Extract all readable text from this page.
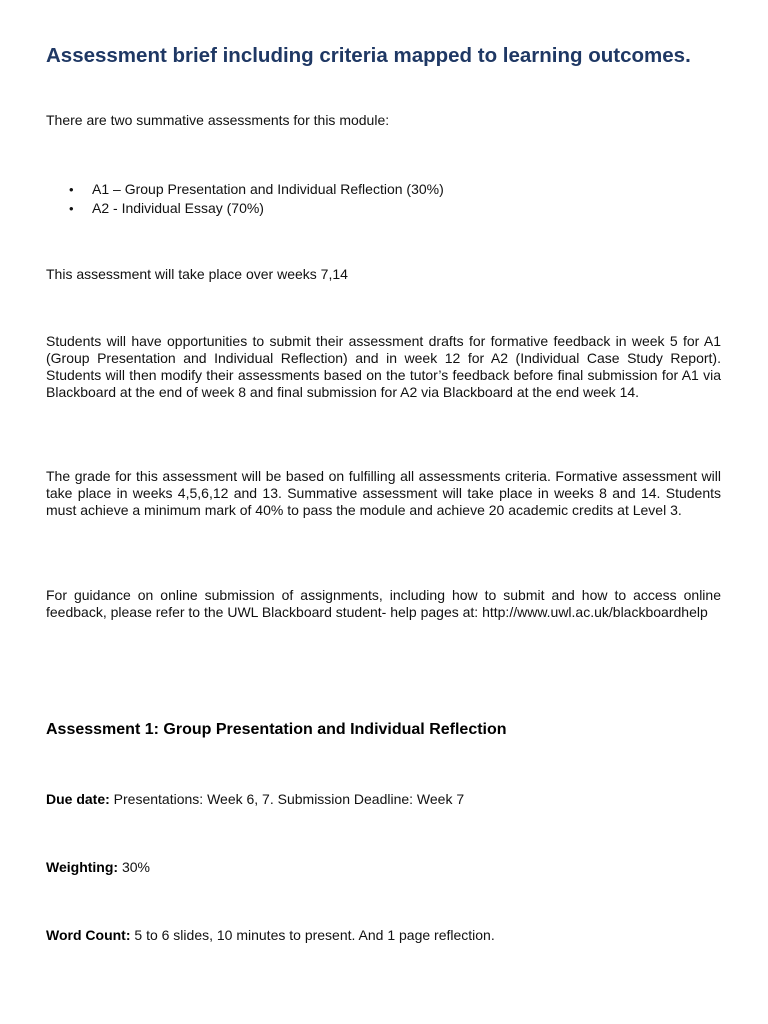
Assessment brief including criteria mapped to learning outcomes.

There are two summative assessments for this module:

• A1 – Group Presentation and Individual Reflection (30%)
• A2 - Individual Essay (70%)

This assessment will take place over weeks 7,14

Students will have opportunities to submit their assessment drafts for formative feedback in week 5 for A1 (Group Presentation and Individual Reflection) and in week 12 for A2 (Individual Case Study Report). Students will then modify their assessments based on the tutor’s feedback before final submission for A1 via Blackboard at the end of week 8 and final submission for A2 via Blackboard at the end week 14.

The grade for this assessment will be based on fulfilling all assessments criteria. Formative assessment will take place in weeks 4,5,6,12 and 13. Summative assessment will take place in weeks 8 and 14. Students must achieve a minimum mark of 40% to pass the module and achieve 20 academic credits at Level 3.

For guidance on online submission of assignments, including how to submit and how to access online feedback, please refer to the UWL Blackboard student- help pages at: http://www.uwl.ac.uk/blackboardhelp

Assessment 1: Group Presentation and Individual Reflection

Due date: Presentations: Week 6, 7. Submission Deadline: Week 7

Weighting: 30%

Word Count: 5 to 6 slides, 10 minutes to present. And 1 page reflection.
